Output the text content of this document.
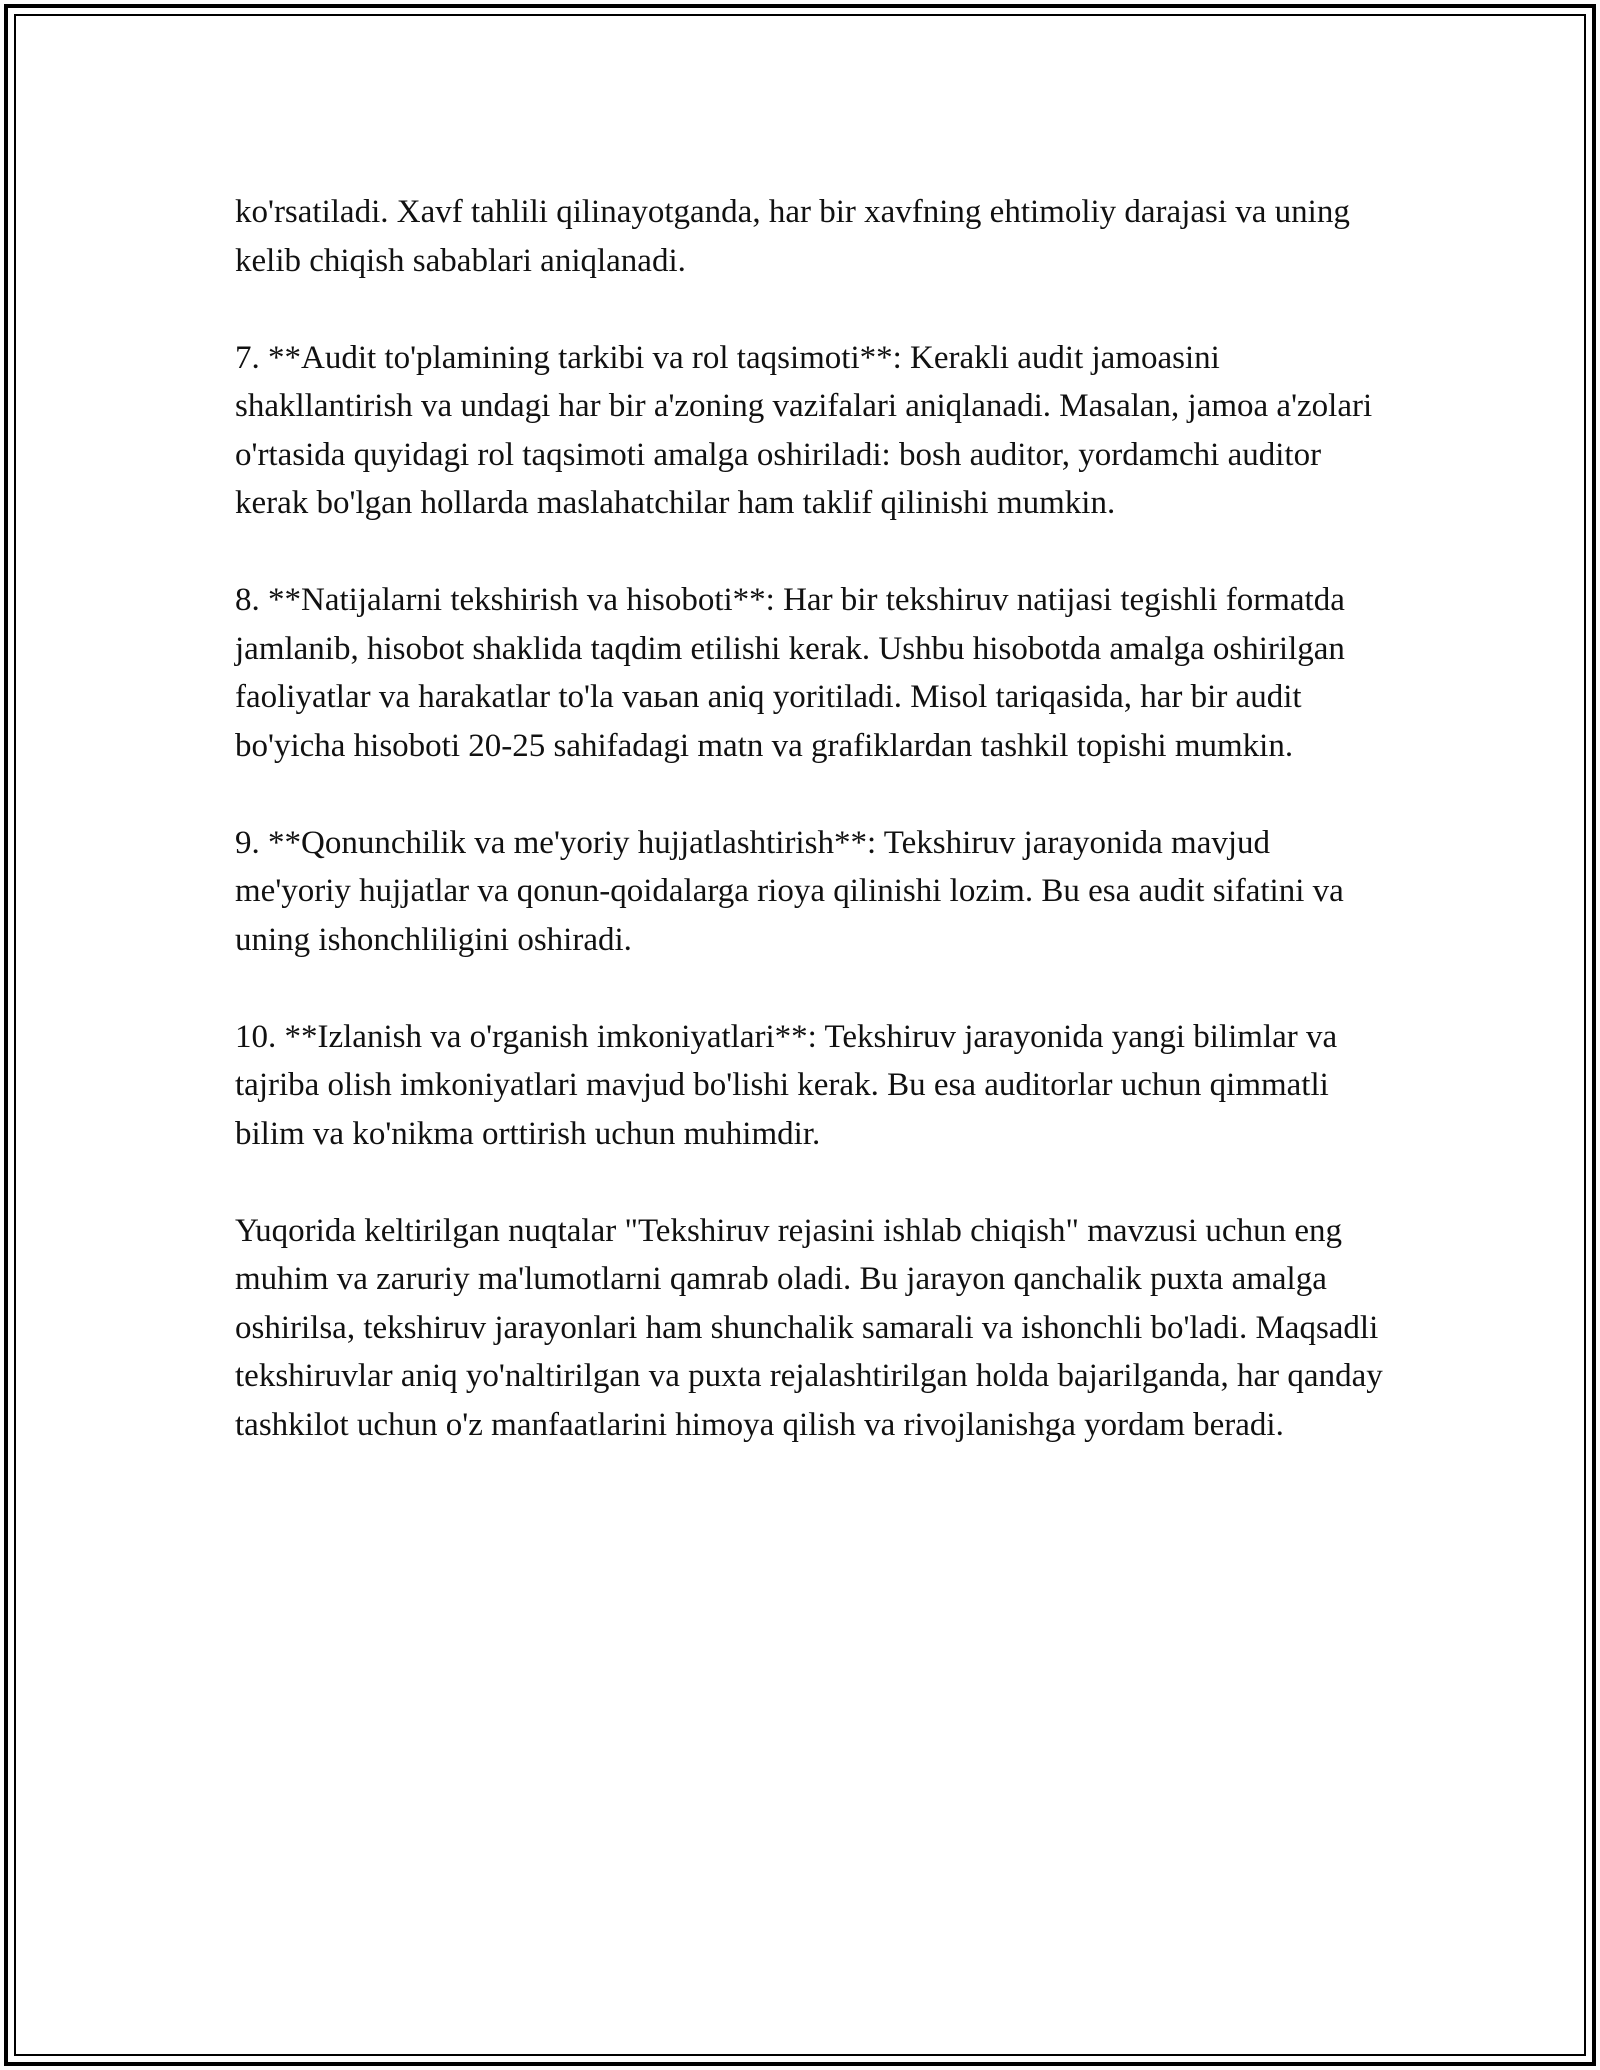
ko'rsatiladi. Xavf tahlili qilinayotganda, har bir xavfning ehtimoliy darajasi va uning kelib chiqish sabablari aniqlanadi.

7. **Audit to'plamining tarkibi va rol taqsimoti**: Kerakli audit jamoasini shakllantirish va undagi har bir a'zoning vazifalari aniqlanadi. Masalan, jamoa a'zolari o'rtasida quyidagi rol taqsimoti amalga oshiriladi: bosh auditor, yordamchi auditor kerak bo'lgan hollarda maslahatchilar ham taklif qilinishi mumkin.

8. **Natijalarni tekshirish va hisoboti**: Har bir tekshiruv natijasi tegishli formatda jamlanib, hisobot shaklida taqdim etilishi kerak. Ushbu hisobotda amalga oshirilgan faoliyatlar va harakatlar to'la vaьan aniq yoritiladi. Misol tariqasida, har bir audit bo'yicha hisoboti 20-25 sahifadagi matn va grafiklardan tashkil topishi mumkin.

9. **Qonunchilik va me'yoriy hujjatlashtirish**: Tekshiruv jarayonida mavjud me'yoriy hujjatlar va qonun-qoidalarga rioya qilinishi lozim. Bu esa audit sifatini va uning ishonchliligini oshiradi.

10. **Izlanish va o'rganish imkoniyatlari**: Tekshiruv jarayonida yangi bilimlar va tajriba olish imkoniyatlari mavjud bo'lishi kerak. Bu esa auditorlar uchun qimmatli bilim va ko'nikma orttirish uchun muhimdir.

Yuqorida keltirilgan nuqtalar "Tekshiruv rejasini ishlab chiqish" mavzusi uchun eng muhim va zaruriy ma'lumotlarni qamrab oladi. Bu jarayon qanchalik puxta amalga oshirilsa, tekshiruv jarayonlari ham shunchalik samarali va ishonchli bo'ladi. Maqsadli tekshiruvlar aniq yo'naltirilgan va puxta rejalashtirilgan holda bajarilganda, har qanday tashkilot uchun o'z manfaatlarini himoya qilish va rivojlanishga yordam beradi.
